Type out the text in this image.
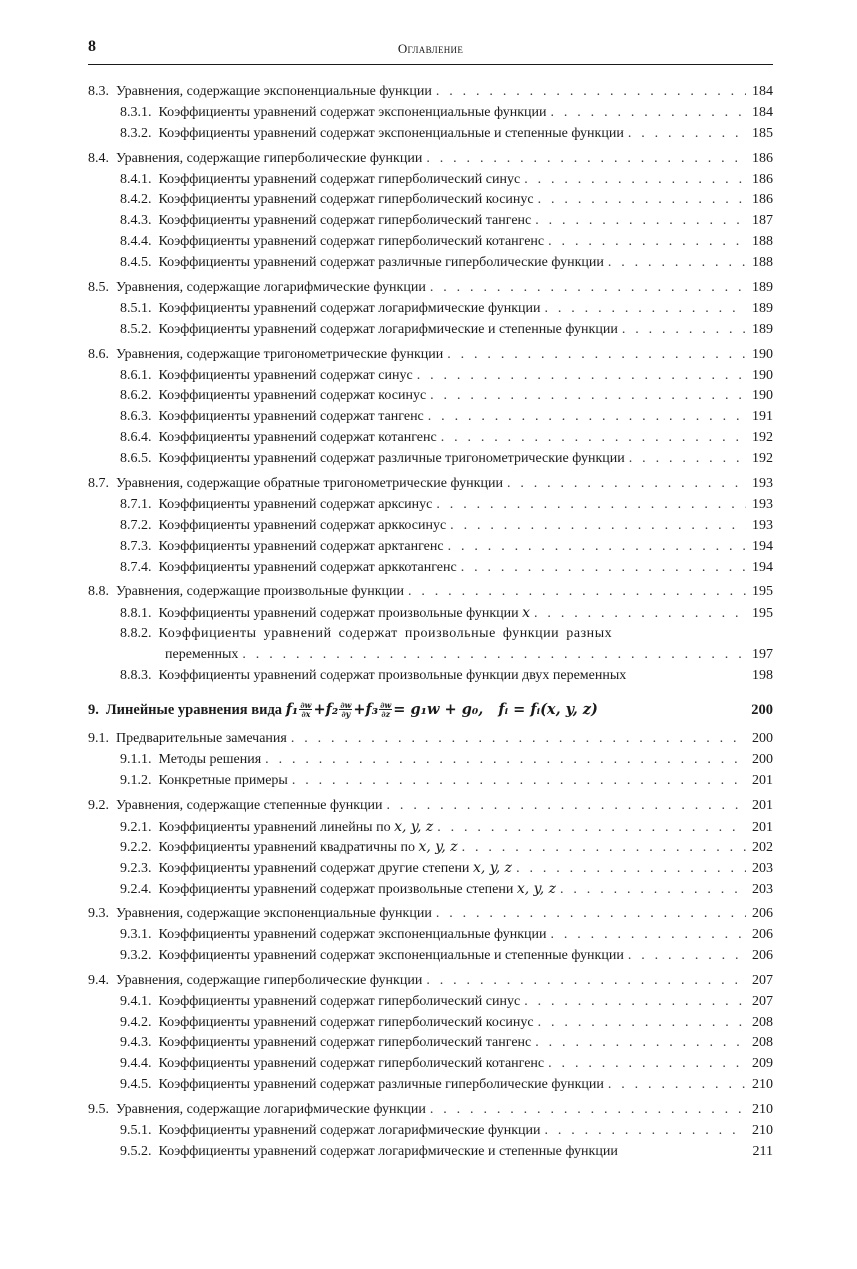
8	Оглавление
8.3. Уравнения, содержащие экспоненциальные функции . . .	184
8.3.1. Коэффициенты уравнений содержат экспоненциальные функции . . .	184
8.3.2. Коэффициенты уравнений содержат экспоненциальные и степенные функции . . .	185
8.4. Уравнения, содержащие гиперболические функции . . .	186
8.4.1. Коэффициенты уравнений содержат гиперболический синус . . .	186
8.4.2. Коэффициенты уравнений содержат гиперболический косинус . . .	186
8.4.3. Коэффициенты уравнений содержат гиперболический тангенс . . .	187
8.4.4. Коэффициенты уравнений содержат гиперболический котангенс . . .	188
8.4.5. Коэффициенты уравнений содержат различные гиперболические функции . . .	188
8.5. Уравнения, содержащие логарифмические функции . . .	189
8.5.1. Коэффициенты уравнений содержат логарифмические функции . . .	189
8.5.2. Коэффициенты уравнений содержат логарифмические и степенные функции . . .	189
8.6. Уравнения, содержащие тригонометрические функции . . .	190
8.6.1. Коэффициенты уравнений содержат синус . . .	190
8.6.2. Коэффициенты уравнений содержат косинус . . .	190
8.6.3. Коэффициенты уравнений содержат тангенс . . .	191
8.6.4. Коэффициенты уравнений содержат котангенс . . .	192
8.6.5. Коэффициенты уравнений содержат различные тригонометрические функции . . .	192
8.7. Уравнения, содержащие обратные тригонометрические функции . . .	193
8.7.1. Коэффициенты уравнений содержат арксинус . . .	193
8.7.2. Коэффициенты уравнений содержат арккосинус . . .	193
8.7.3. Коэффициенты уравнений содержат арктангенс . . .	194
8.7.4. Коэффициенты уравнений содержат арккотангенс . . .	194
8.8. Уравнения, содержащие произвольные функции . . .	195
8.8.1. Коэффициенты уравнений содержат произвольные функции x . . .	195
8.8.2. Коэффициенты уравнений содержат произвольные функции разных
переменных . . .	197
8.8.3. Коэффициенты уравнений содержат произвольные функции двух переменных	198
9. Линейные уравнения вида $f_1 \frac{\partial w}{\partial x} +f_2 \frac{\partial w}{\partial y} +f_3 \frac{\partial w}{\partial z} = g_1w + g_0$, fᵢ = fᵢ(x, y, z)	200
9.1. Предварительные замечания . . .	200
9.1.1. Методы решения . . .	200
9.1.2. Конкретные примеры . . .	201
9.2. Уравнения, содержащие степенные функции . . .	201
9.2.1. Коэффициенты уравнений линейны по x, y, z . . .	201
9.2.2. Коэффициенты уравнений квадратичны по x, y, z . . .	202
9.2.3. Коэффициенты уравнений содержат другие степени x, y, z . . .	203
9.2.4. Коэффициенты уравнений содержат произвольные степени x, y, z . . .	203
9.3. Уравнения, содержащие экспоненциальные функции . . .	206
9.3.1. Коэффициенты уравнений содержат экспоненциальные функции . . .	206
9.3.2. Коэффициенты уравнений содержат экспоненциальные и степенные функции . . .	206
9.4. Уравнения, содержащие гиперболические функции . . .	207
9.4.1. Коэффициенты уравнений содержат гиперболический синус . . .	207
9.4.2. Коэффициенты уравнений содержат гиперболический косинус . . .	208
9.4.3. Коэффициенты уравнений содержат гиперболический тангенс . . .	208
9.4.4. Коэффициенты уравнений содержат гиперболический котангенс . . .	209
9.4.5. Коэффициенты уравнений содержат различные гиперболические функции . . .	210
9.5. Уравнения, содержащие логарифмические функции . . .	210
9.5.1. Коэффициенты уравнений содержат логарифмические функции . . .	210
9.5.2. Коэффициенты уравнений содержат логарифмические и степенные функции	211
